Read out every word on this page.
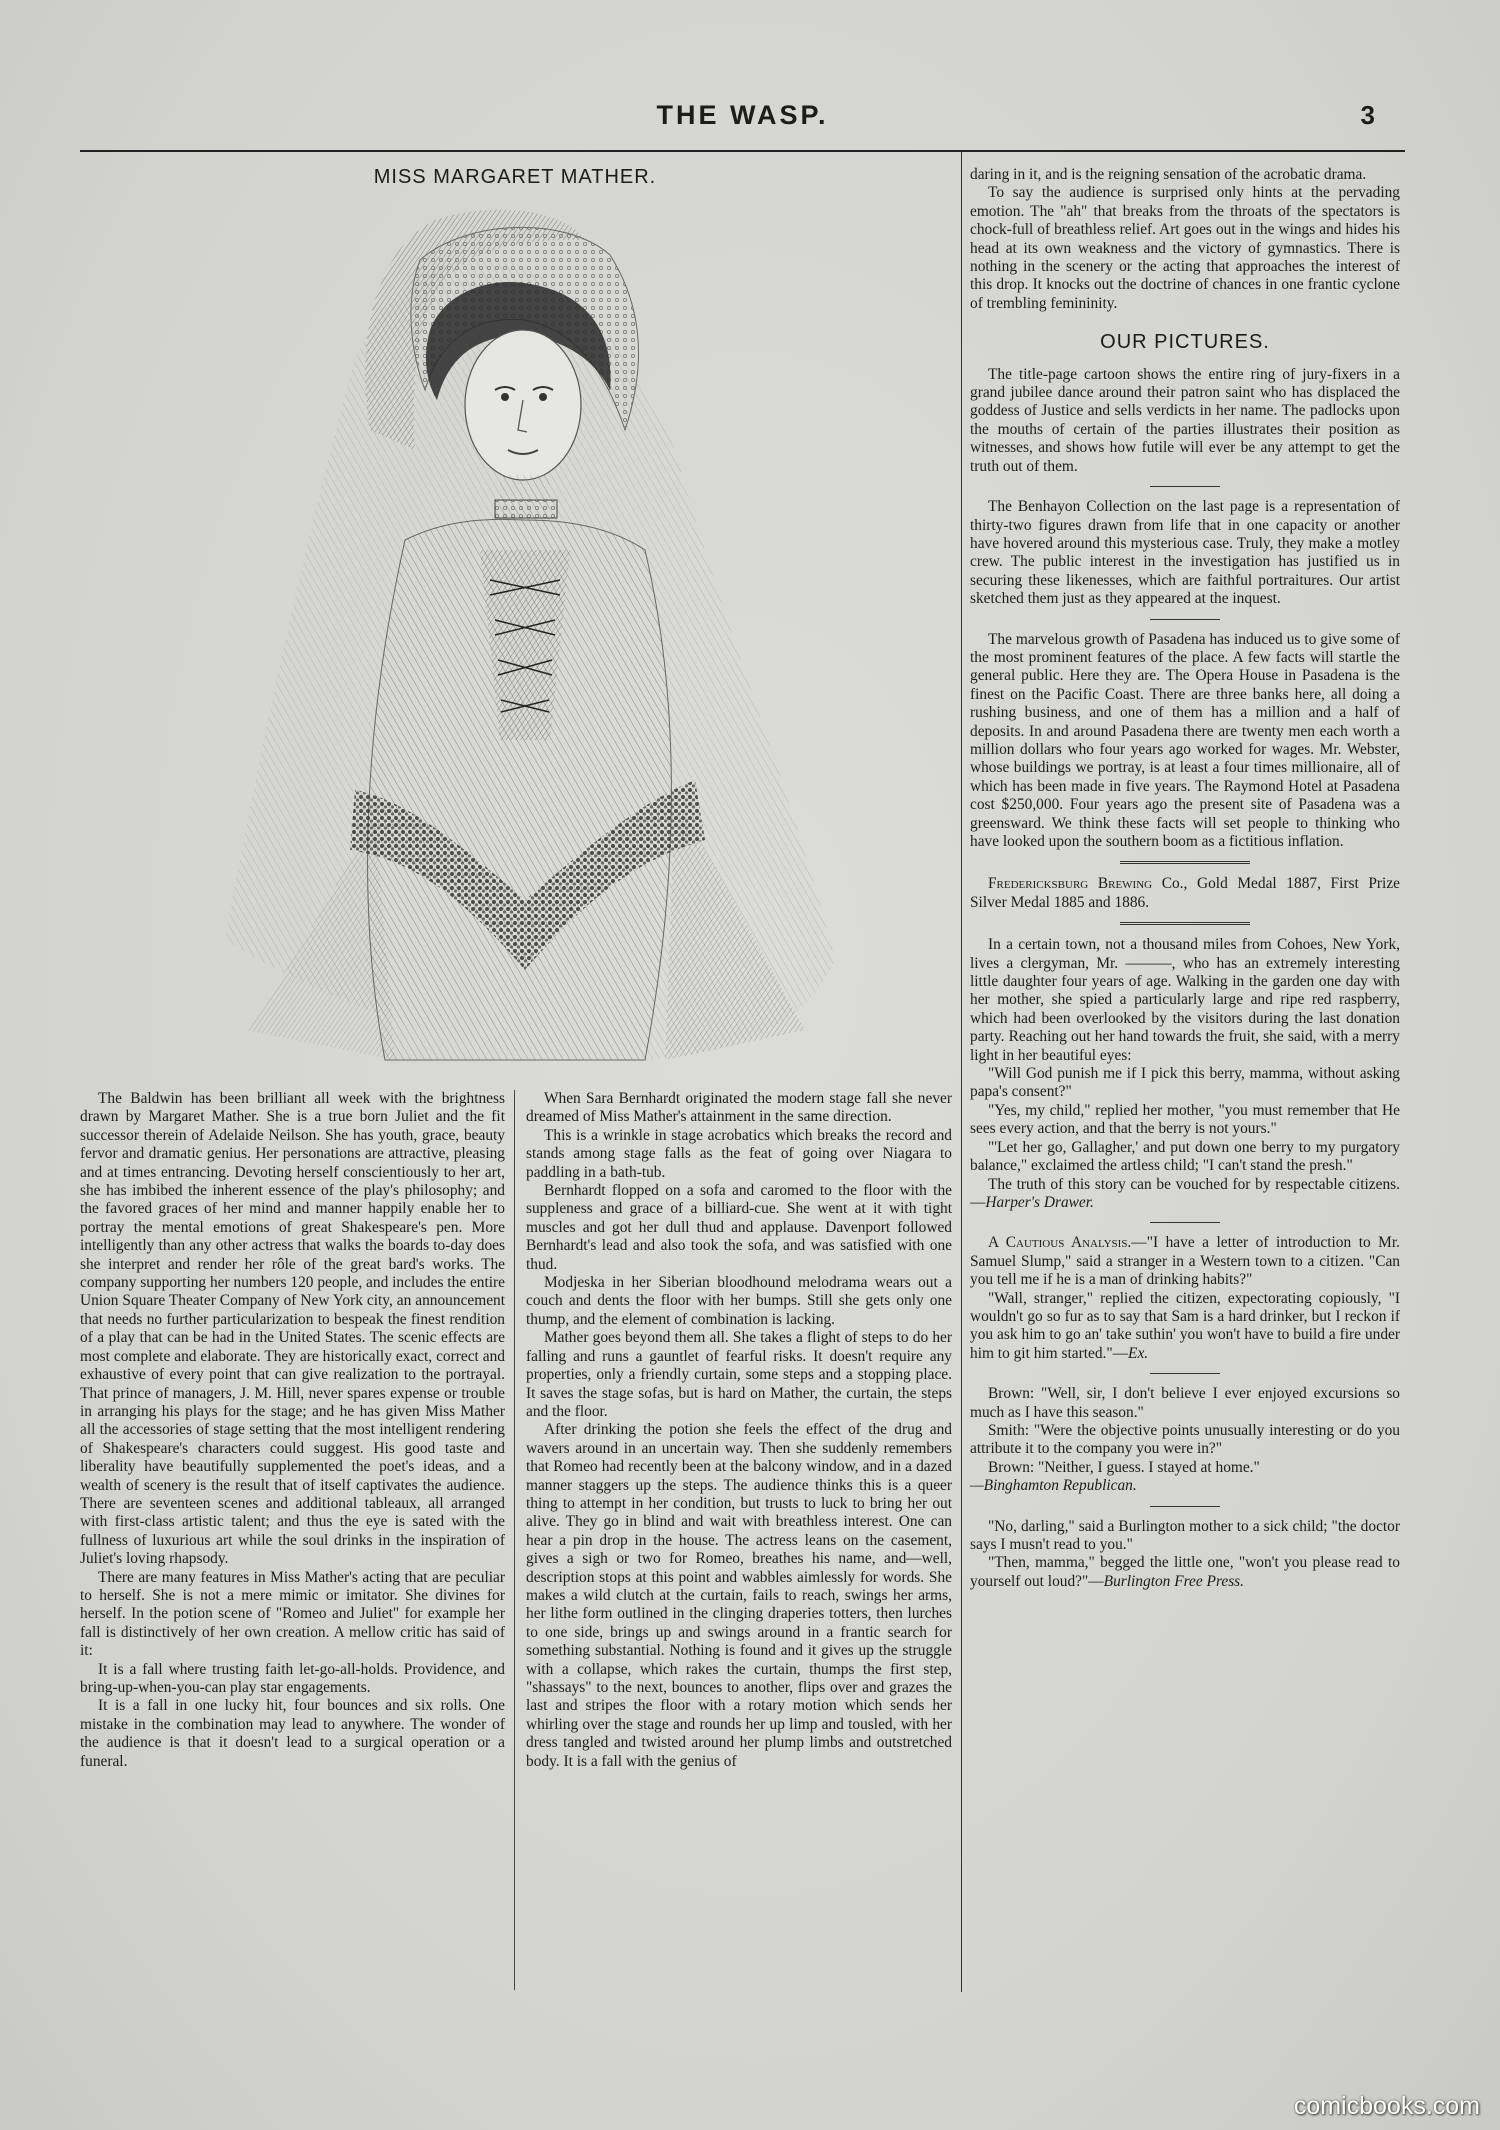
THE WASP.	3
MISS MARGARET MATHER.

The Baldwin has been brilliant all week with the brightness drawn by Margaret Mather. She is a true born Juliet and the fit successor therein of Adelaide Neilson. She has youth, grace, beauty fervor and dramatic genius. Her personations are attractive, pleasing and at times entrancing. Devoting herself conscientiously to her art, she has imbibed the inherent essence of the play's philosophy; and the favored graces of her mind and manner happily enable her to portray the mental emotions of great Shakespeare's pen. More intelligently than any other actress that walks the boards to-day does she interpret and render her rôle of the great bard's works. The company supporting her numbers 120 people, and includes the entire Union Square Theater Company of New York city, an announcement that needs no further particularization to bespeak the finest rendition of a play that can be had in the United States. The scenic effects are most complete and elaborate. They are historically exact, correct and exhaustive of every point that can give realization to the portrayal. That prince of managers, J. M. Hill, never spares expense or trouble in arranging his plays for the stage; and he has given Miss Mather all the accessories of stage setting that the most intelligent rendering of Shakespeare's characters could suggest. His good taste and liberality have beautifully supplemented the poet's ideas, and a wealth of scenery is the result that of itself captivates the audience. There are seventeen scenes and additional tableaux, all arranged with first-class artistic talent; and thus the eye is sated with the fullness of luxurious art while the soul drinks in the inspiration of Juliet's loving rhapsody.

There are many features in Miss Mather's acting that are peculiar to herself. She is not a mere mimic or imitator. She divines for herself. In the potion scene of "Romeo and Juliet" for example her fall is distinctively of her own creation. A mellow critic has said of it:

It is a fall where trusting faith let-go-all-holds. Providence, and bring-up-when-you-can play star engagements.

It is a fall in one lucky hit, four bounces and six rolls. One mistake in the combination may lead to anywhere. The wonder of the audience is that it doesn't lead to a surgical operation or a funeral.

When Sara Bernhardt originated the modern stage fall she never dreamed of Miss Mather's attainment in the same direction.

This is a wrinkle in stage acrobatics which breaks the record and stands among stage falls as the feat of going over Niagara to paddling in a bath-tub.

Bernhardt flopped on a sofa and caromed to the floor with the suppleness and grace of a billiard-cue. She went at it with tight muscles and got her dull thud and applause. Davenport followed Bernhardt's lead and also took the sofa, and was satisfied with one thud.

Modjeska in her Siberian bloodhound melodrama wears out a couch and dents the floor with her bumps. Still she gets only one thump, and the element of combination is lacking.

Mather goes beyond them all. She takes a flight of steps to do her falling and runs a gauntlet of fearful risks. It doesn't require any properties, only a friendly curtain, some steps and a stopping place. It saves the stage sofas, but is hard on Mather, the curtain, the steps and the floor.

After drinking the potion she feels the effect of the drug and wavers around in an uncertain way. Then she suddenly remembers that Romeo had recently been at the balcony window, and in a dazed manner staggers up the steps. The audience thinks this is a queer thing to attempt in her condition, but trusts to luck to bring her out alive. They go in blind and wait with breathless interest. One can hear a pin drop in the house. The actress leans on the casement, gives a sigh or two for Romeo, breathes his name, and—well, description stops at this point and wabbles aimlessly for words. She makes a wild clutch at the curtain, fails to reach, swings her arms, her lithe form outlined in the clinging draperies totters, then lurches to one side, brings up and swings around in a frantic search for something substantial. Nothing is found and it gives up the struggle with a collapse, which rakes the curtain, thumps the first step, "shassays" to the next, bounces to another, flips over and grazes the last and stripes the floor with a rotary motion which sends her whirling over the stage and rounds her up limp and tousled, with her dress tangled and twisted around her plump limbs and outstretched body. It is a fall with the genius of

daring in it, and is the reigning sensation of the acrobatic drama.

To say the audience is surprised only hints at the pervading emotion. The "ah" that breaks from the throats of the spectators is chock-full of breathless relief. Art goes out in the wings and hides his head at its own weakness and the victory of gymnastics. There is nothing in the scenery or the acting that approaches the interest of this drop. It knocks out the doctrine of chances in one frantic cyclone of trembling femininity.

OUR PICTURES.

The title-page cartoon shows the entire ring of jury-fixers in a grand jubilee dance around their patron saint who has displaced the goddess of Justice and sells verdicts in her name. The padlocks upon the mouths of certain of the parties illustrates their position as witnesses, and shows how futile will ever be any attempt to get the truth out of them.

The Benhayon Collection on the last page is a representation of thirty-two figures drawn from life that in one capacity or another have hovered around this mysterious case. Truly, they make a motley crew. The public interest in the investigation has justified us in securing these likenesses, which are faithful portraitures. Our artist sketched them just as they appeared at the inquest.

The marvelous growth of Pasadena has induced us to give some of the most prominent features of the place. A few facts will startle the general public. Here they are. The Opera House in Pasadena is the finest on the Pacific Coast. There are three banks here, all doing a rushing business, and one of them has a million and a half of deposits. In and around Pasadena there are twenty men each worth a million dollars who four years ago worked for wages. Mr. Webster, whose buildings we portray, is at least a four times millionaire, all of which has been made in five years. The Raymond Hotel at Pasadena cost $250,000. Four years ago the present site of Pasadena was a greensward. We think these facts will set people to thinking who have looked upon the southern boom as a fictitious inflation.

Fredericksburg Brewing Co., Gold Medal 1887, First Prize Silver Medal 1885 and 1886.

In a certain town, not a thousand miles from Cohoes, New York, lives a clergyman, Mr. ———, who has an extremely interesting little daughter four years of age. Walking in the garden one day with her mother, she spied a particularly large and ripe red raspberry, which had been overlooked by the visitors during the last donation party. Reaching out her hand towards the fruit, she said, with a merry light in her beautiful eyes:

"Will God punish me if I pick this berry, mamma, without asking papa's consent?"

"Yes, my child," replied her mother, "you must remember that He sees every action, and that the berry is not yours."

"'Let her go, Gallagher,' and put down one berry to my purgatory balance," exclaimed the artless child; "I can't stand the presh."

The truth of this story can be vouched for by respectable citizens.—Harper's Drawer.

A Cautious Analysis.—"I have a letter of introduction to Mr. Samuel Slump," said a stranger in a Western town to a citizen. "Can you tell me if he is a man of drinking habits?"

"Wall, stranger," replied the citizen, expectorating copiously, "I wouldn't go so fur as to say that Sam is a hard drinker, but I reckon if you ask him to go an' take suthin' you won't have to build a fire under him to git him started."—Ex.

Brown: "Well, sir, I don't believe I ever enjoyed excursions so much as I have this season."

Smith: "Were the objective points unusually interesting or do you attribute it to the company you were in?"

Brown: "Neither, I guess. I stayed at home."

—Binghamton Republican.

"No, darling," said a Burlington mother to a sick child; "the doctor says I musn't read to you."

"Then, mamma," begged the little one, "won't you please read to yourself out loud?"—Burlington Free Press.

comicbooks.com
